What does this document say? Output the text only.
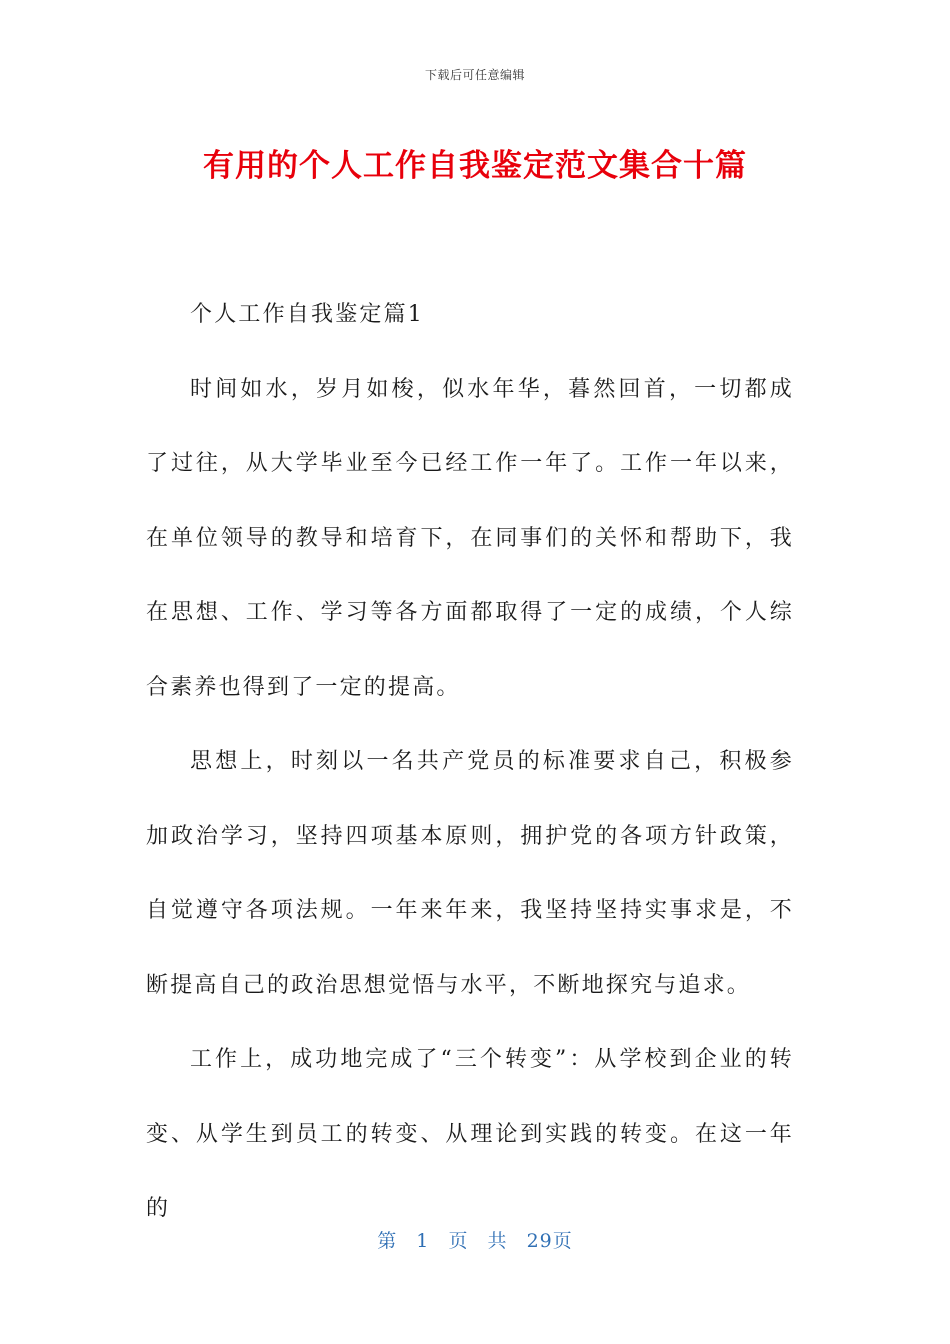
下载后可任意编辑
有用的个人工作自我鉴定范文集合十篇

个人工作自我鉴定篇1

时间如水，岁月如梭，似水年华，暮然回首，一切都成了过往，从大学毕业至今已经工作一年了。工作一年以来，在单位领导的教导和培育下，在同事们的关怀和帮助下，我在思想、工作、学习等各方面都取得了一定的成绩，个人综合素养也得到了一定的提高。

思想上，时刻以一名共产党员的标准要求自己，积极参加政治学习，坚持四项基本原则，拥护党的各项方针政策，自觉遵守各项法规。一年来年来，我坚持坚持实事求是，不断提高自己的政治思想觉悟与水平，不断地探究与追求。

工作上，成功地完成了“三个转变”：从学校到企业的转变、从学生到员工的转变、从理论到实践的转变。在这一年的

第 1 页 共 29页
